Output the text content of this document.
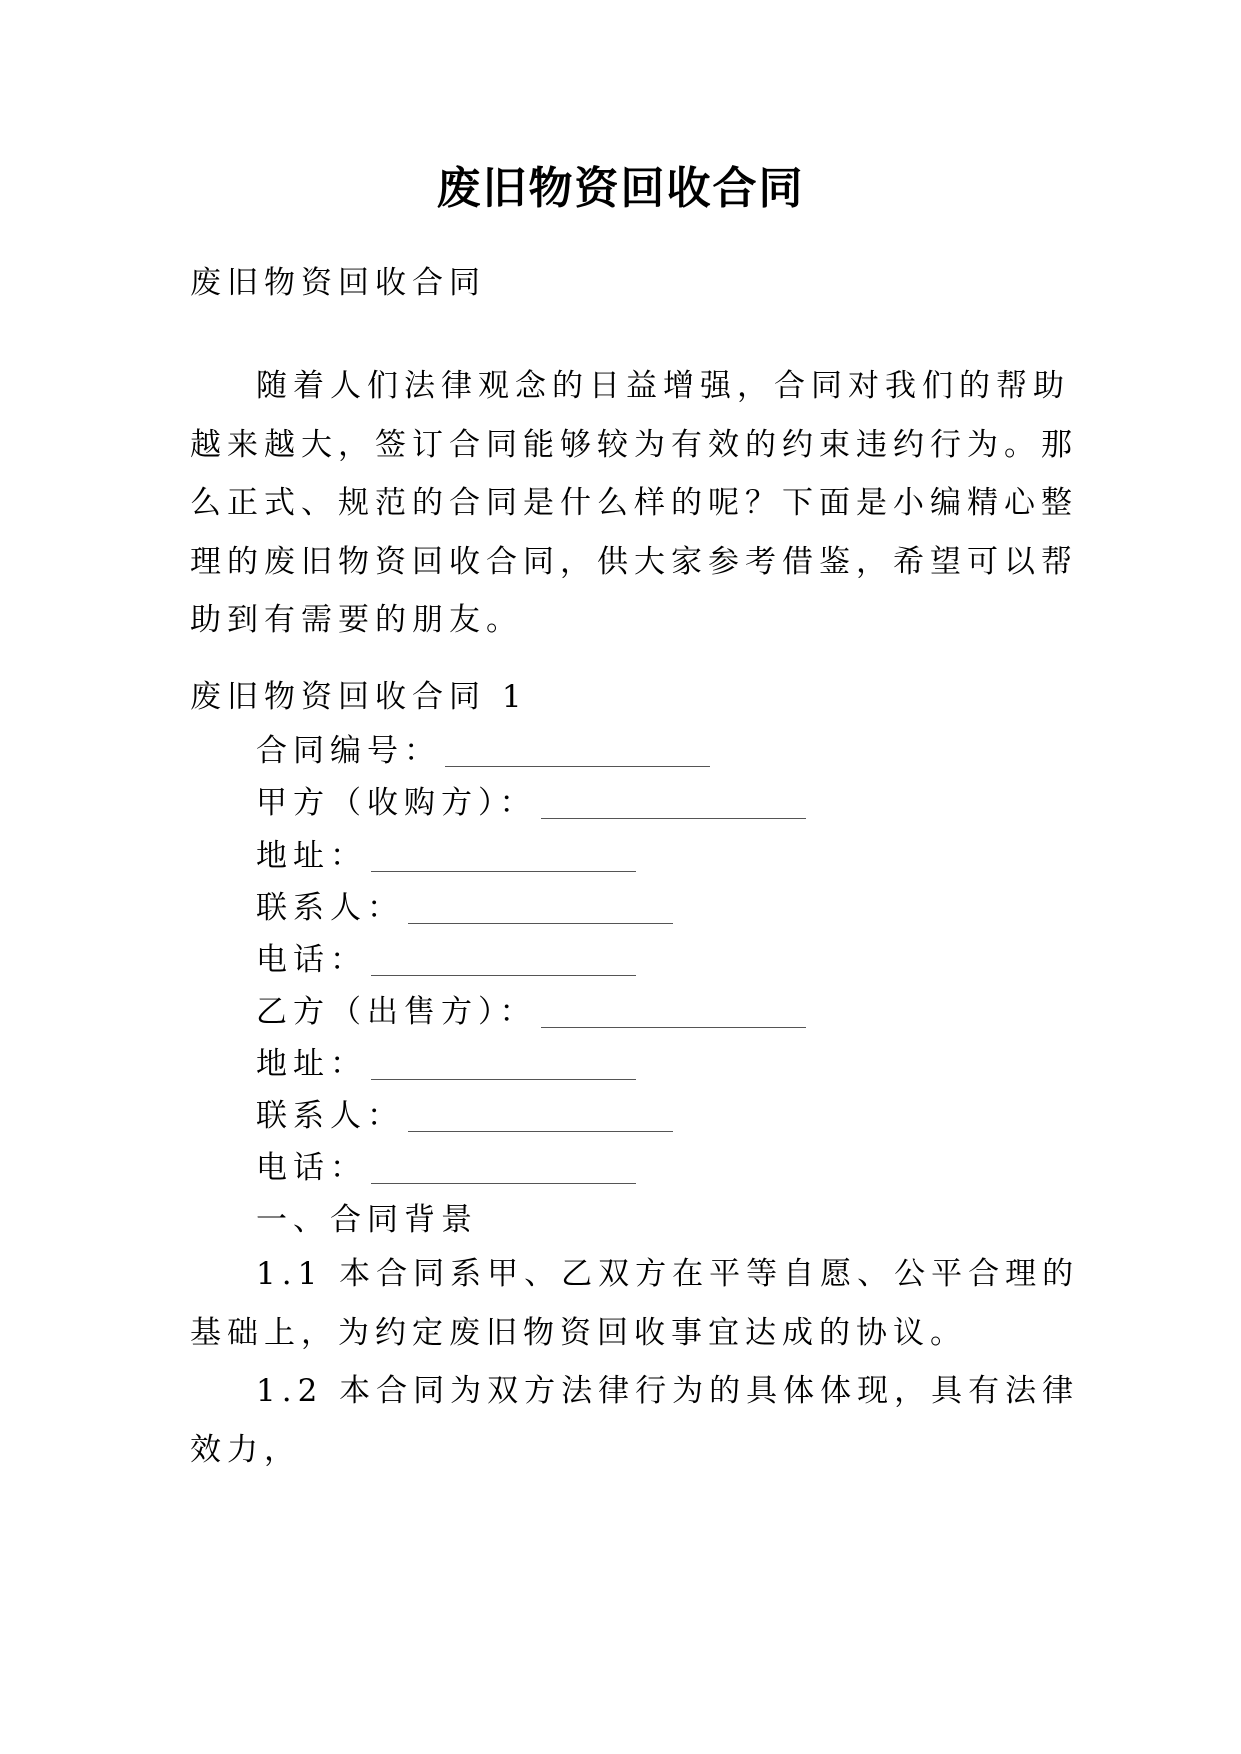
废旧物资回收合同
废旧物资回收合同
随着人们法律观念的日益增强，合同对我们的帮助越来越大，签订合同能够较为有效的约束违约行为。那么正式、规范的合同是什么样的呢？下面是小编精心整理的废旧物资回收合同，供大家参考借鉴，希望可以帮助到有需要的朋友。
废旧物资回收合同 1
合同编号：
甲方（收购方）：
地址：
联系人：
电话：
乙方（出售方）：
地址：
联系人：
电话：
一、合同背景
1.1 本合同系甲、乙双方在平等自愿、公平合理的基础上，为约定废旧物资回收事宜达成的协议。
1.2 本合同为双方法律行为的具体体现，具有法律效力，
